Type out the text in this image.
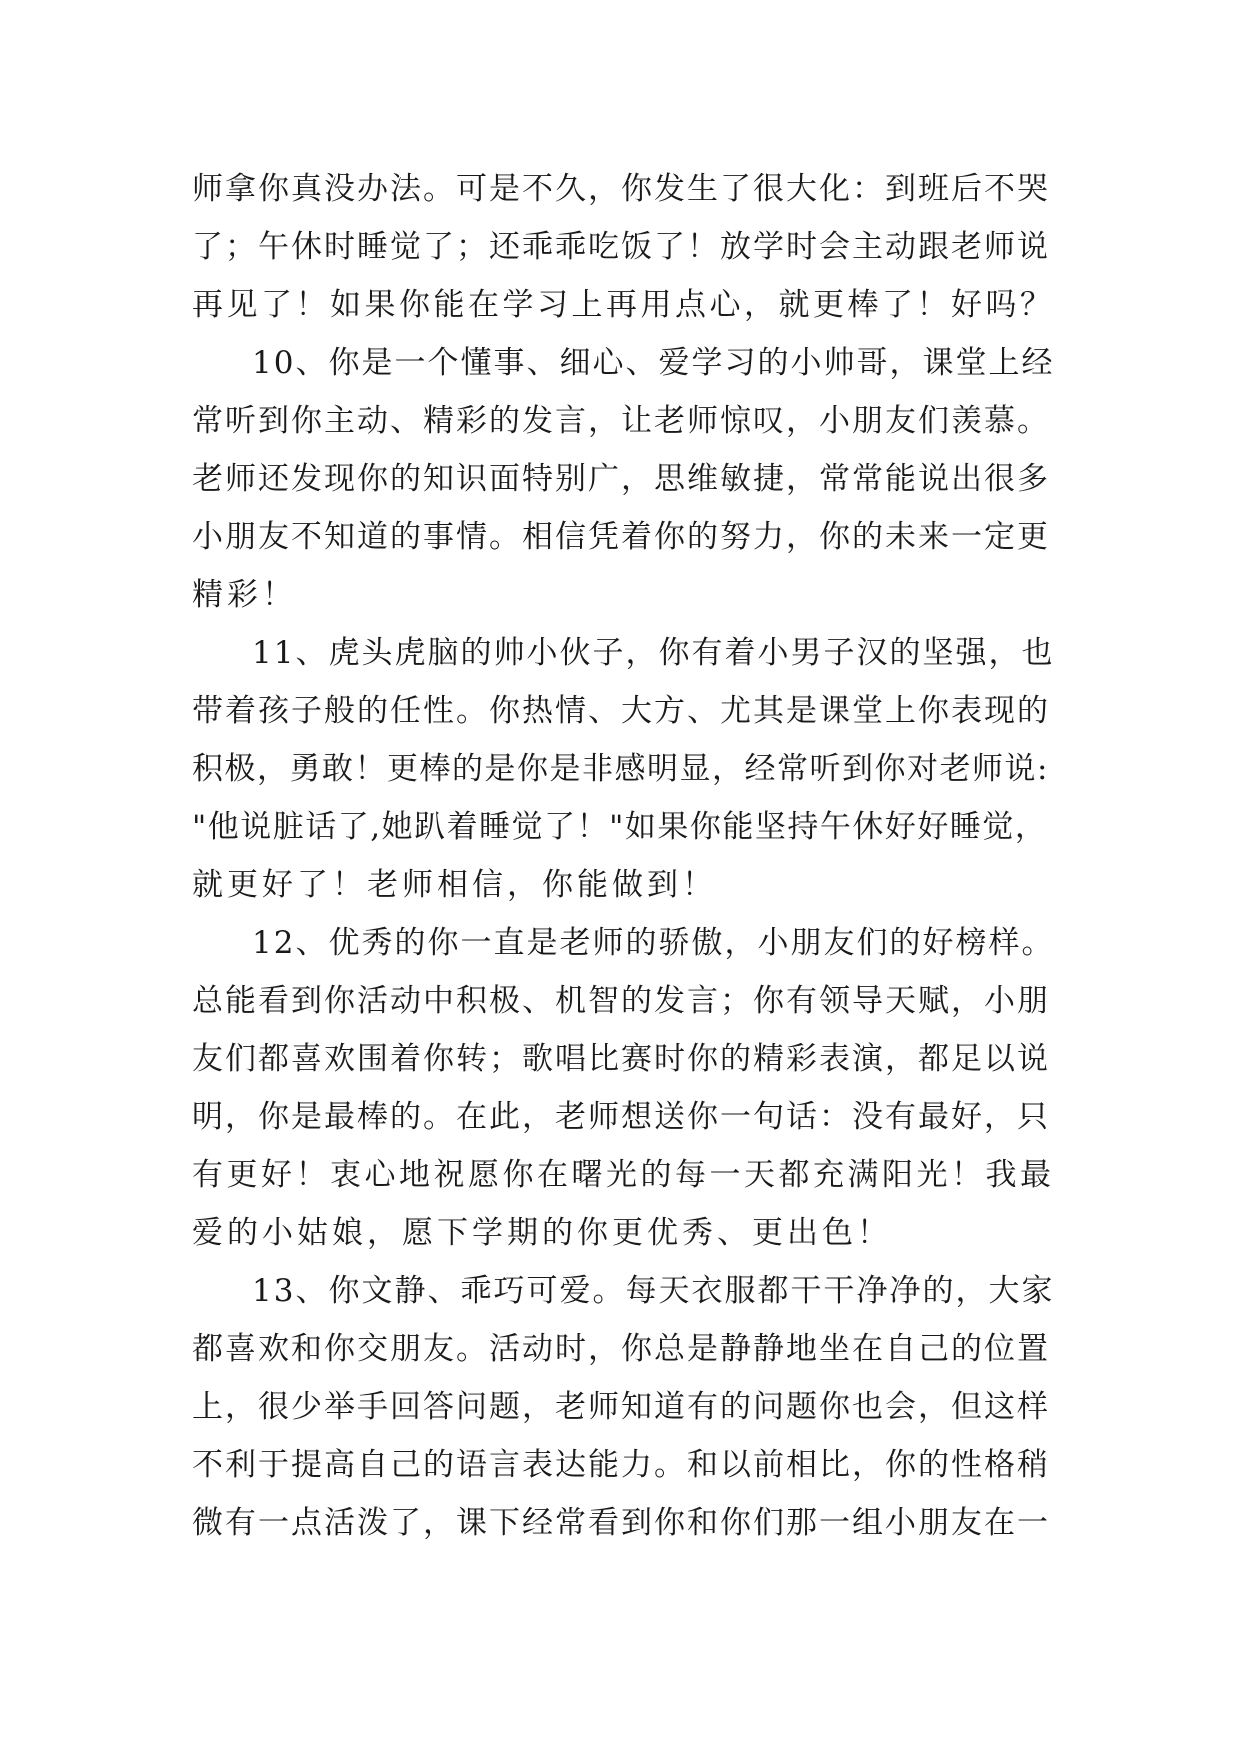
师拿你真没办法。可是不久，你发生了很大化：到班后不哭
了；午休时睡觉了；还乖乖吃饭了！放学时会主动跟老师说
再见了！如果你能在学习上再用点心，就更棒了！好吗？
10、你是一个懂事、细心、爱学习的小帅哥，课堂上经
常听到你主动、精彩的发言，让老师惊叹，小朋友们羡慕。
老师还发现你的知识面特别广，思维敏捷，常常能说出很多
小朋友不知道的事情。相信凭着你的努力，你的未来一定更
精彩！
11、虎头虎脑的帅小伙子，你有着小男子汉的坚强，也
带着孩子般的任性。你热情、大方、尤其是课堂上你表现的
积极，勇敢！更棒的是你是非感明显，经常听到你对老师说:
"他说脏话了,她趴着睡觉了！"如果你能坚持午休好好睡觉，
就更好了！老师相信，你能做到！
12、优秀的你一直是老师的骄傲，小朋友们的好榜样。
总能看到你活动中积极、机智的发言；你有领导天赋，小朋
友们都喜欢围着你转；歌唱比赛时你的精彩表演，都足以说
明，你是最棒的。在此，老师想送你一句话：没有最好，只
有更好！衷心地祝愿你在曙光的每一天都充满阳光！我最
爱的小姑娘，愿下学期的你更优秀、更出色！
13、你文静、乖巧可爱。每天衣服都干干净净的，大家
都喜欢和你交朋友。活动时，你总是静静地坐在自己的位置
上，很少举手回答问题，老师知道有的问题你也会，但这样
不利于提高自己的语言表达能力。和以前相比，你的性格稍
微有一点活泼了，课下经常看到你和你们那一组小朋友在一
